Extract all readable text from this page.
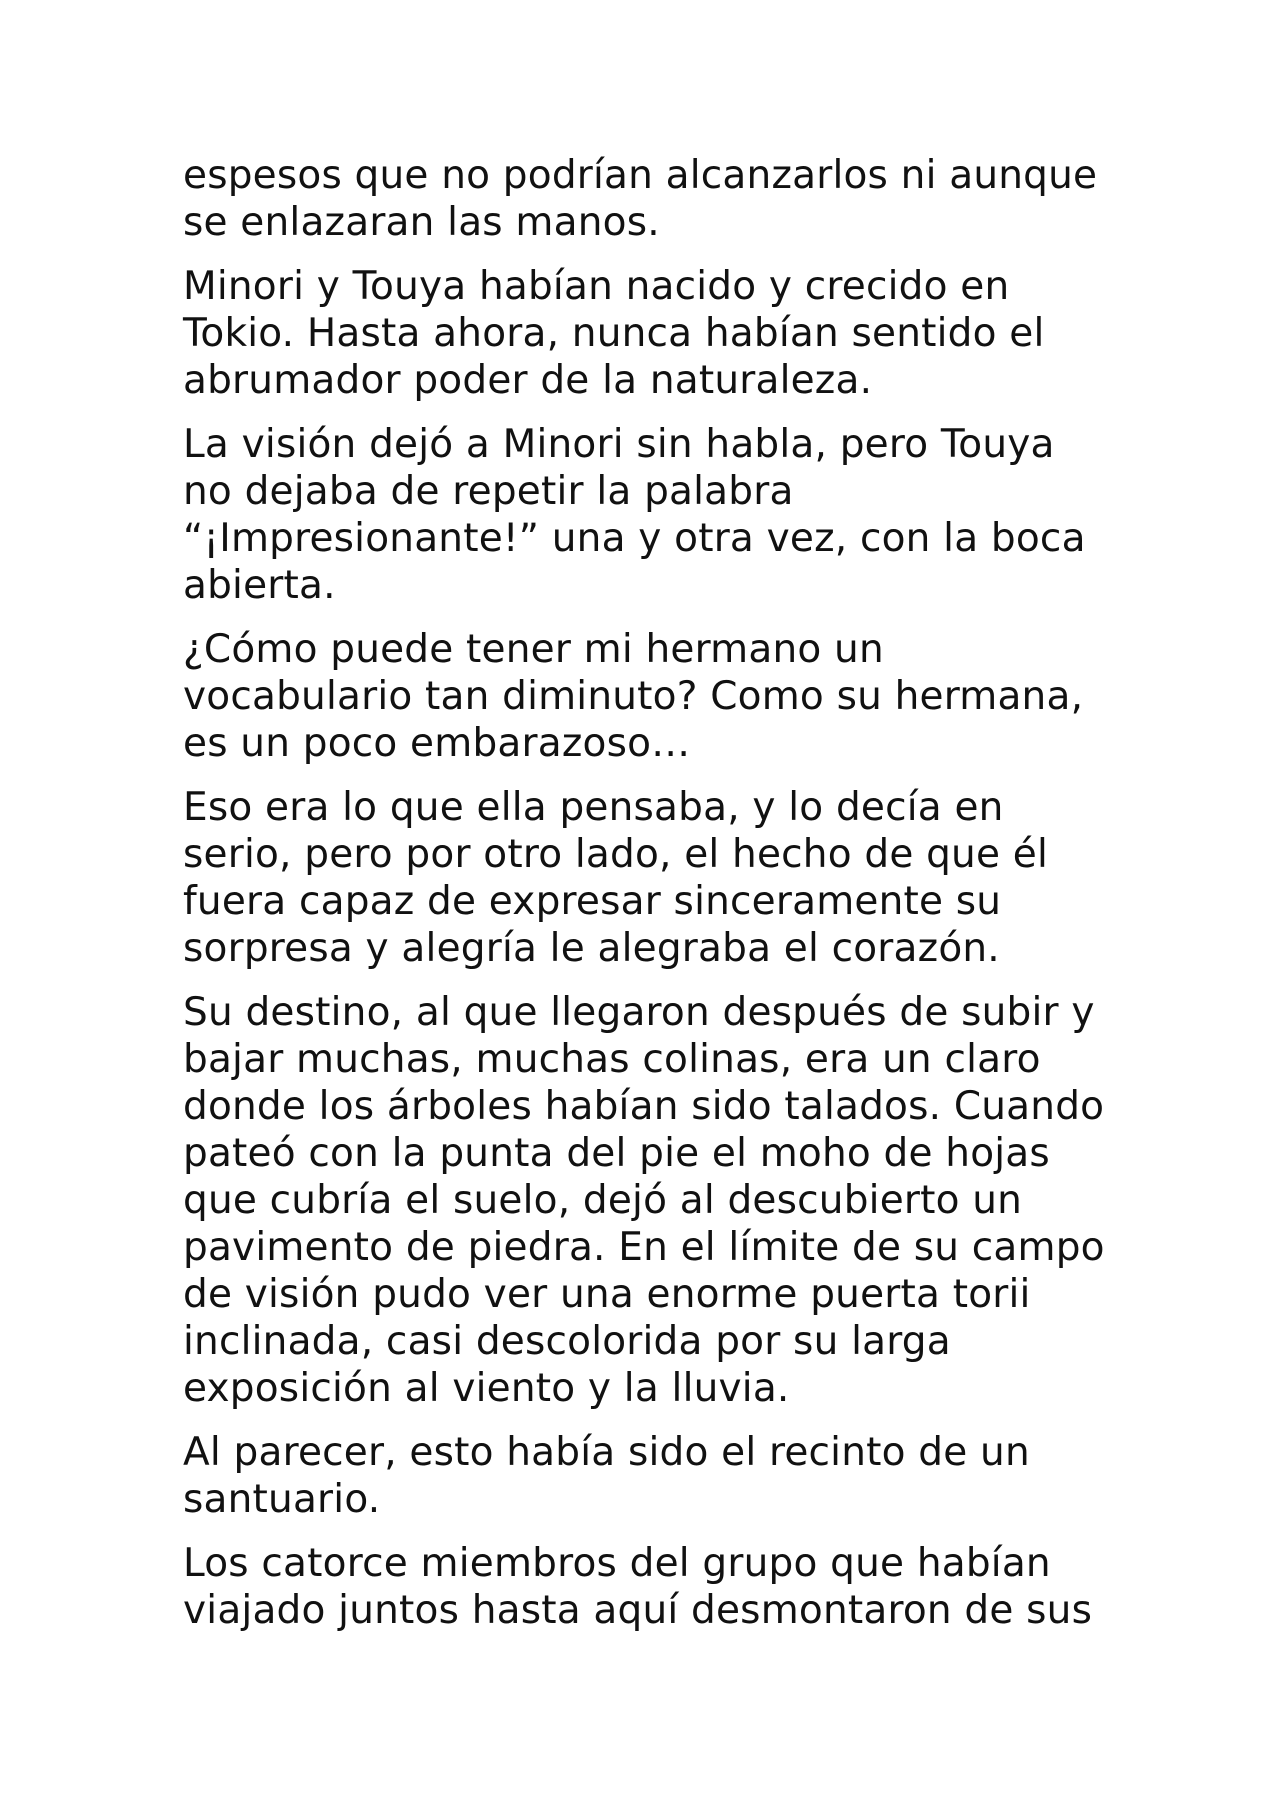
espesos que no podrían alcanzarlos ni aunque
se enlazaran las manos.

Minori y Touya habían nacido y crecido en
Tokio. Hasta ahora, nunca habían sentido el
abrumador poder de la naturaleza.

La visión dejó a Minori sin habla, pero Touya
no dejaba de repetir la palabra
“¡Impresionante!” una y otra vez, con la boca
abierta.

¿Cómo puede tener mi hermano un
vocabulario tan diminuto? Como su hermana,
es un poco embarazoso…

Eso era lo que ella pensaba, y lo decía en
serio, pero por otro lado, el hecho de que él
fuera capaz de expresar sinceramente su
sorpresa y alegría le alegraba el corazón.

Su destino, al que llegaron después de subir y
bajar muchas, muchas colinas, era un claro
donde los árboles habían sido talados. Cuando
pateó con la punta del pie el moho de hojas
que cubría el suelo, dejó al descubierto un
pavimento de piedra. En el límite de su campo
de visión pudo ver una enorme puerta torii
inclinada, casi descolorida por su larga
exposición al viento y la lluvia.

Al parecer, esto había sido el recinto de un
santuario.

Los catorce miembros del grupo que habían
viajado juntos hasta aquí desmontaron de sus
